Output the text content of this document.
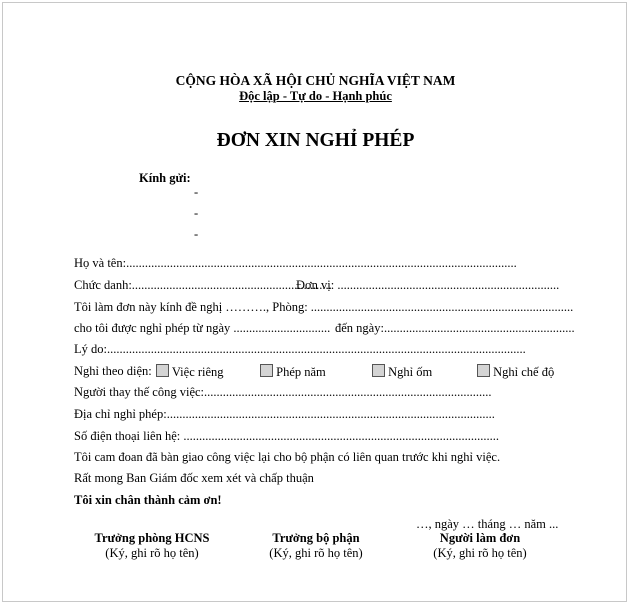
CỘNG HÒA XÃ HỘI CHỦ NGHĨA VIỆT NAM
Độc lập - Tự do - Hạnh phúc
ĐƠN XIN NGHỈ PHÉP
Kính gửi:
-
-
-
Họ và tên:.............................................................................................................................
Chức danh:................................................................
Đơn vị: .......................................................................
Tôi làm đơn này kính đề nghị ………., Phòng: ....................................................................................
cho tôi được nghỉ phép từ ngày ............................... đến ngày:.............................................................
Lý do:......................................................................................................................................
Nghỉ theo diện:	Việc riêng	Phép năm	Nghỉ ốm	Nghỉ chế độ
Người thay thế công việc:............................................................................................
Địa chỉ nghỉ phép:.........................................................................................................
Số điện thoại liên hệ: .....................................................................................................
Tôi cam đoan đã bàn giao công việc lại cho bộ phận có liên quan trước khi nghỉ việc.
Rất mong Ban Giám đốc xem xét và chấp thuận
Tôi xin chân thành cảm ơn!
…, ngày … tháng … năm ...
Trưởng phòng HCNS
(Ký, ghi rõ họ tên)
Trưởng bộ phận
(Ký, ghi rõ họ tên)
Người làm đơn
(Ký, ghi rõ họ tên)
